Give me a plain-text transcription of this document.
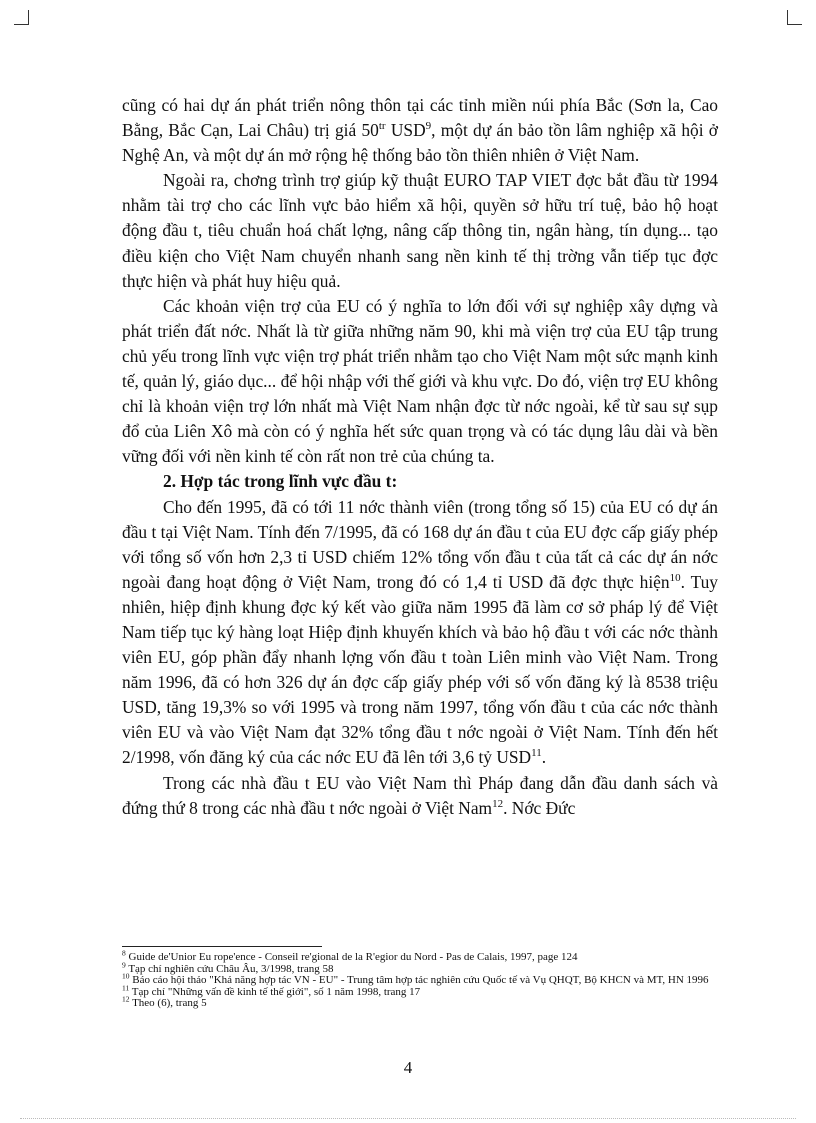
cũng có hai dự án phát triển nông thôn tại các tỉnh miền núi phía Bắc (Sơn la, Cao Bằng, Bắc Cạn, Lai Châu) trị giá $50^{tr}$ USD$^9$, một dự án bảo tồn lâm nghiệp xã hội ở Nghệ An, và một dự án mở rộng hệ thống bảo tồn thiên nhiên ở Việt Nam.

Ngoài ra, chơng trình trợ giúp kỹ thuật EURO TAP VIET đợc bắt đầu từ 1994 nhằm tài trợ cho các lĩnh vực bảo hiểm xã hội, quyền sở hữu trí tuệ, bảo hộ hoạt động đầu t, tiêu chuẩn hoá chất lợng, nâng cấp thông tin, ngân hàng, tín dụng... tạo điều kiện cho Việt Nam chuyển nhanh sang nền kinh tế thị trờng vẫn tiếp tục đợc thực hiện và phát huy hiệu quả.

Các khoản viện trợ của EU có ý nghĩa to lớn đối với sự nghiệp xây dựng và phát triển đất nớc. Nhất là từ giữa những năm 90, khi mà viện trợ của EU tập trung chủ yếu trong lĩnh vực viện trợ phát triển nhằm tạo cho Việt Nam một sức mạnh kinh tế, quản lý, giáo dục... để hội nhập với thế giới và khu vực. Do đó, viện trợ EU không chỉ là khoản viện trợ lớn nhất mà Việt Nam nhận đợc từ nớc ngoài, kể từ sau sự sụp đổ của Liên Xô mà còn có ý nghĩa hết sức quan trọng và có tác dụng lâu dài và bền vững đối với nền kinh tế còn rất non trẻ của chúng ta.

2. Hợp tác trong lĩnh vực đầu t:

Cho đến 1995, đã có tới 11 nớc thành viên (trong tổng số 15) của EU có dự án đầu t tại Việt Nam. Tính đến 7/1995, đã có 168 dự án đầu t của EU đợc cấp giấy phép với tổng số vốn hơn 2,3 tỉ USD chiếm 12% tổng vốn đầu t của tất cả các dự án nớc ngoài đang hoạt động ở Việt Nam, trong đó có 1,4 tỉ USD đã đợc thực hiện$^{10}$. Tuy nhiên, hiệp định khung đợc ký kết vào giữa năm 1995 đã làm cơ sở pháp lý để Việt Nam tiếp tục ký hàng loạt Hiệp định khuyến khích và bảo hộ đầu t với các nớc thành viên EU, góp phần đẩy nhanh lợng vốn đầu t toàn Liên minh vào Việt Nam. Trong năm 1996, đã có hơn 326 dự án đợc cấp giấy phép với số vốn đăng ký là 8538 triệu USD, tăng 19,3% so với 1995 và trong năm 1997, tổng vốn đầu t của các nớc thành viên EU và vào Việt Nam đạt 32% tổng đầu t nớc ngoài ở Việt Nam. Tính đến hết 2/1998, vốn đăng ký của các nớc EU đã lên tới 3,6 tỷ USD$^{11}$.

Trong các nhà đầu t EU vào Việt Nam thì Pháp đang dẫn đầu danh sách và đứng thứ 8 trong các nhà đầu t nớc ngoài ở Việt Nam$^{12}$. Nớc Đức

$^8$ Guide de'Unior Eu rope'ence - Conseil re'gional de la R'egior du Nord - Pas de Calais, 1997, page 124
$^9$ Tạp chí nghiên cứu Châu Âu, 3/1998, trang 58
$^{10}$ Báo cáo hội thảo "Khả năng hợp tác VN - EU" - Trung tâm hợp tác nghiên cứu Quốc tế và Vụ QHQT, Bộ KHCN và MT, HN 1996
$^{11}$ Tạp chí "Những vấn đề kinh tế thế giới", số 1 năm 1998, trang 17
$^{12}$ Theo (6), trang 5
4
